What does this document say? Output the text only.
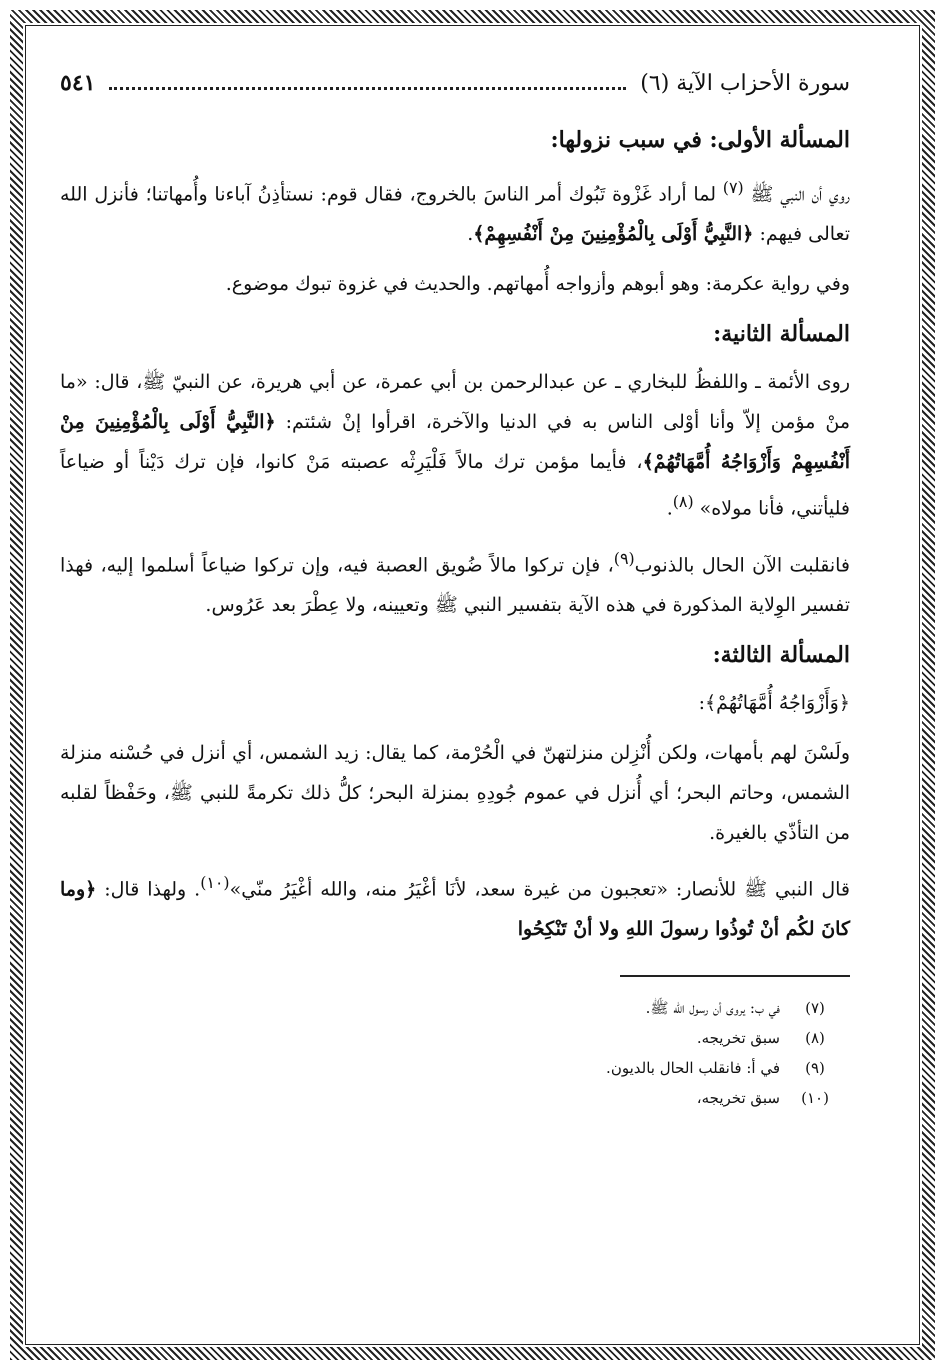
سورة الأحزاب الآية (٦)
٥٤١
المسألة الأولى: في سبب نزولها:

روي أن النبي ﷺ $^{(٧)}$ لما أراد غَزْوة تَبُوك أمر الناسَ بالخروج، فقال قوم: نستأذِنُ آباءنا وأُمهاتنا؛ فأنزل الله تعالى فيهم: ﴿النَّبِيُّ أَوْلَى بِالْمُؤْمِنِينَ مِنْ أَنْفُسِهِمْ﴾.

وفي رواية عكرمة: وهو أبوهم وأزواجه أُمهاتهم. والحديث في غزوة تبوك موضوع.

المسألة الثانية:

روى الأئمة ـ واللفظُ للبخاري ـ عن عبدالرحمن بن أبي عمرة، عن أبي هريرة، عن النبيّ ﷺ، قال: «ما منْ مؤمن إلاّ وأنا أوْلى الناس به في الدنيا والآخرة، اقرأوا إنْ شئتم: ﴿النَّبِيُّ أَوْلَى بِالْمُؤْمِنِينَ مِنْ أَنْفُسِهِمْ وَأَزْوَاجُهُ أُمَّهَاتُهُمْ﴾، فأيما مؤمن ترك مالاً فَلْيَرِثْه عصبته مَنْ كانوا، فإن ترك دَيْناً أو ضياعاً فليأتني، فأنا مولاه» $^{(٨)}$.

فانقلبت الآن الحال بالذنوب$^{(٩)}$، فإن تركوا مالاً ضُويق العصبة فيه، وإن تركوا ضياعاً أسلموا إليه، فهذا تفسير الوِلاية المذكورة في هذه الآية بتفسير النبي ﷺ وتعيينه، ولا عِطْرَ بعد عَرُوس.

المسألة الثالثة:

﴿وَأَزْوَاجُهُ أُمَّهَاتُهُمْ﴾:

ولَسْنَ لهم بأمهات، ولكن أُنْزِلن منزلتهنّ في الْحُرْمة، كما يقال: زيد الشمس، أي أنزل في حُسْنه منزلة الشمس، وحاتم البحر؛ أي أُنزل في عموم جُودِهِ بمنزلة البحر؛ كلُّ ذلك تكرمةً للنبي ﷺ، وحَفْظاً لقلبه من التأذّي بالغيرة.

قال النبي ﷺ للأنصار: «تعجبون من غيرة سعد، لأنَا أغْيَرُ منه، والله أغْيَرُ منّي»$^{(١٠)}$. ولهذا قال: ﴿وما كانَ لكُم أنْ تُوذُوا رسولَ اللهِ ولا أنْ تَنْكِحُوا

(٧)
في ب: يروى أن رسول الله ﷺ.
(٨)
سبق تخريجه.
(٩)
في أ: فانقلب الحال بالديون.
(١٠)
سبق تخريجه،
